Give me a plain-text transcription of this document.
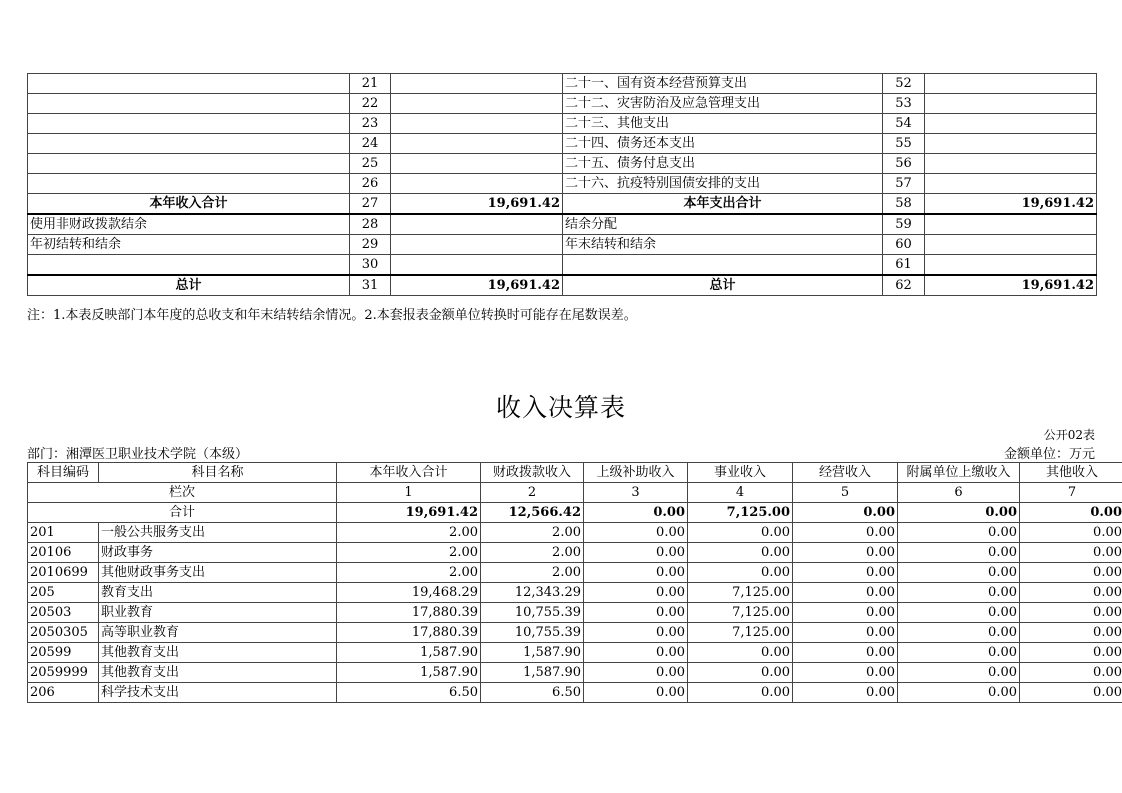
	21		二十一、国有资本经营预算支出	52	
	22		二十二、灾害防治及应急管理支出	53	
	23		二十三、其他支出	54	
	24		二十四、债务还本支出	55	
	25		二十五、债务付息支出	56	
	26		二十六、抗疫特别国债安排的支出	57	
本年收入合计	27	19,691.42	本年支出合计	58	19,691.42
使用非财政拨款结余	28		结余分配	59	
年初结转和结余	29		年末结转和结余	60	
	30			61	
总计	31	19,691.42	总计	62	19,691.42
注：1.本表反映部门本年度的总收支和年末结转结余情况。2.本套报表金额单位转换时可能存在尾数误差。
收入决算表
公开02表
部门：湘潭医卫职业技术学院（本级）	金额单位：万元
科目编码	科目名称	本年收入合计	财政拨款收入	上级补助收入	事业收入	经营收入	附属单位上缴收入	其他收入
栏次		1	2	3	4	5	6	7
合计		19,691.42	12,566.42	0.00	7,125.00	0.00	0.00	0.00
201	一般公共服务支出	2.00	2.00	0.00	0.00	0.00	0.00	0.00
20106	财政事务	2.00	2.00	0.00	0.00	0.00	0.00	0.00
2010699	其他财政事务支出	2.00	2.00	0.00	0.00	0.00	0.00	0.00
205	教育支出	19,468.29	12,343.29	0.00	7,125.00	0.00	0.00	0.00
20503	职业教育	17,880.39	10,755.39	0.00	7,125.00	0.00	0.00	0.00
2050305	高等职业教育	17,880.39	10,755.39	0.00	7,125.00	0.00	0.00	0.00
20599	其他教育支出	1,587.90	1,587.90	0.00	0.00	0.00	0.00	0.00
2059999	其他教育支出	1,587.90	1,587.90	0.00	0.00	0.00	0.00	0.00
206	科学技术支出	6.50	6.50	0.00	0.00	0.00	0.00	0.00
